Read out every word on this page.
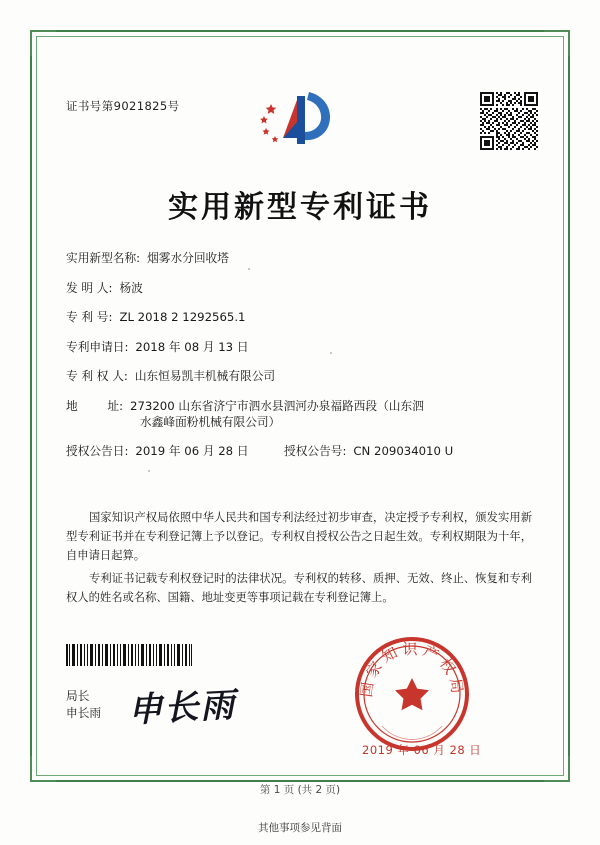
证书号第9021825号
实用新型专利证书
实用新型名称: 烟雾水分回收塔
发 明 人: 杨波
专 利 号: ZL 2018 2 1292565.1
专利申请日: 2018 年 08 月 13 日
专 利 权 人: 山东恒易凯丰机械有限公司
地        址: 273200 山东省济宁市泗水县泗河办泉福路西段（山东泗
水鑫峰面粉机械有限公司）
授权公告日: 2019 年 06 月 28 日	授权公告号: CN 209034010 U

国家知识产权局依照中华人民共和国专利法经过初步审查，决定授予专利权，颁发实用新型专利证书并在专利登记簿上予以登记。专利权自授权公告之日起生效。专利权期限为十年，自申请日起算。

专利证书记载专利权登记时的法律状况。专利权的转移、质押、无效、终止、恢复和专利权人的姓名或名称、国籍、地址变更等事项记载在专利登记簿上。

局长
申长雨 申长雨	国家知识产权局
2019 年 06 月 28 日
第 1 页 (共 2 页)
其他事项参见背面
